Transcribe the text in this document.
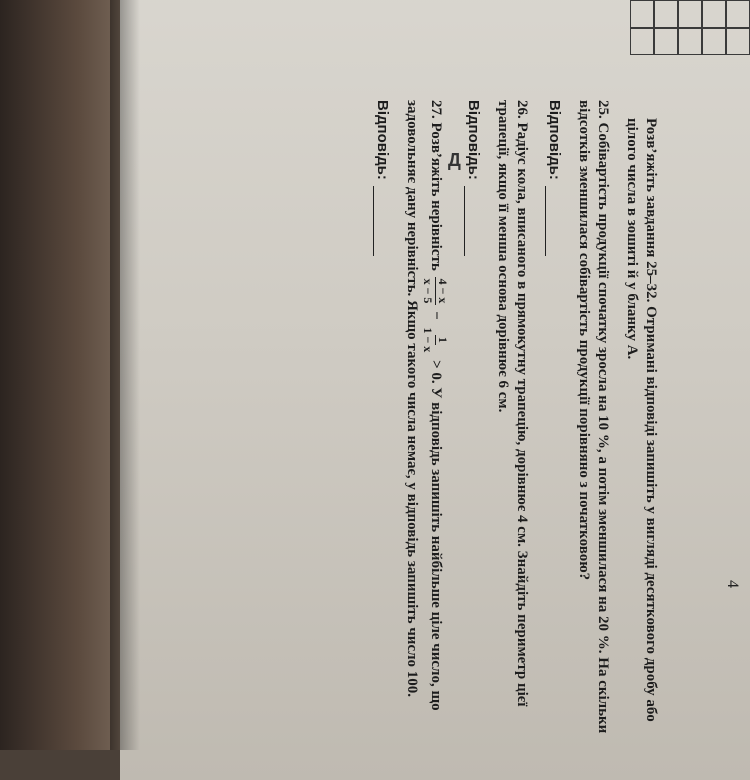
Д
4

Розв’яжіть завдання 25–32. Отримані відповіді запишіть у вигляді десяткового дробу або цілого числа в зошиті й у бланку А.

25. Собівартість продукції спочатку зросла на 10 %, а потім зменшилася на 20 %. На скільки відсотків зменшилася собівартість продукції порівняно з початковою?

Відповідь:

26. Радіус кола, вписаного в прямокутну трапецію, дорівнює 4 см. Знайдіть периметр цієї трапеції, якщо її менша основа дорівнює 6 см.

Відповідь:

27. Розв’яжіть нерівність
4 − x
x − 5
−
1
1 − x
> 0. У відповідь запишіть найбільше ціле число, що задовольняє дану нерівність. Якщо такого числа немає, у відповідь запишіть число 100.

Відповідь:
